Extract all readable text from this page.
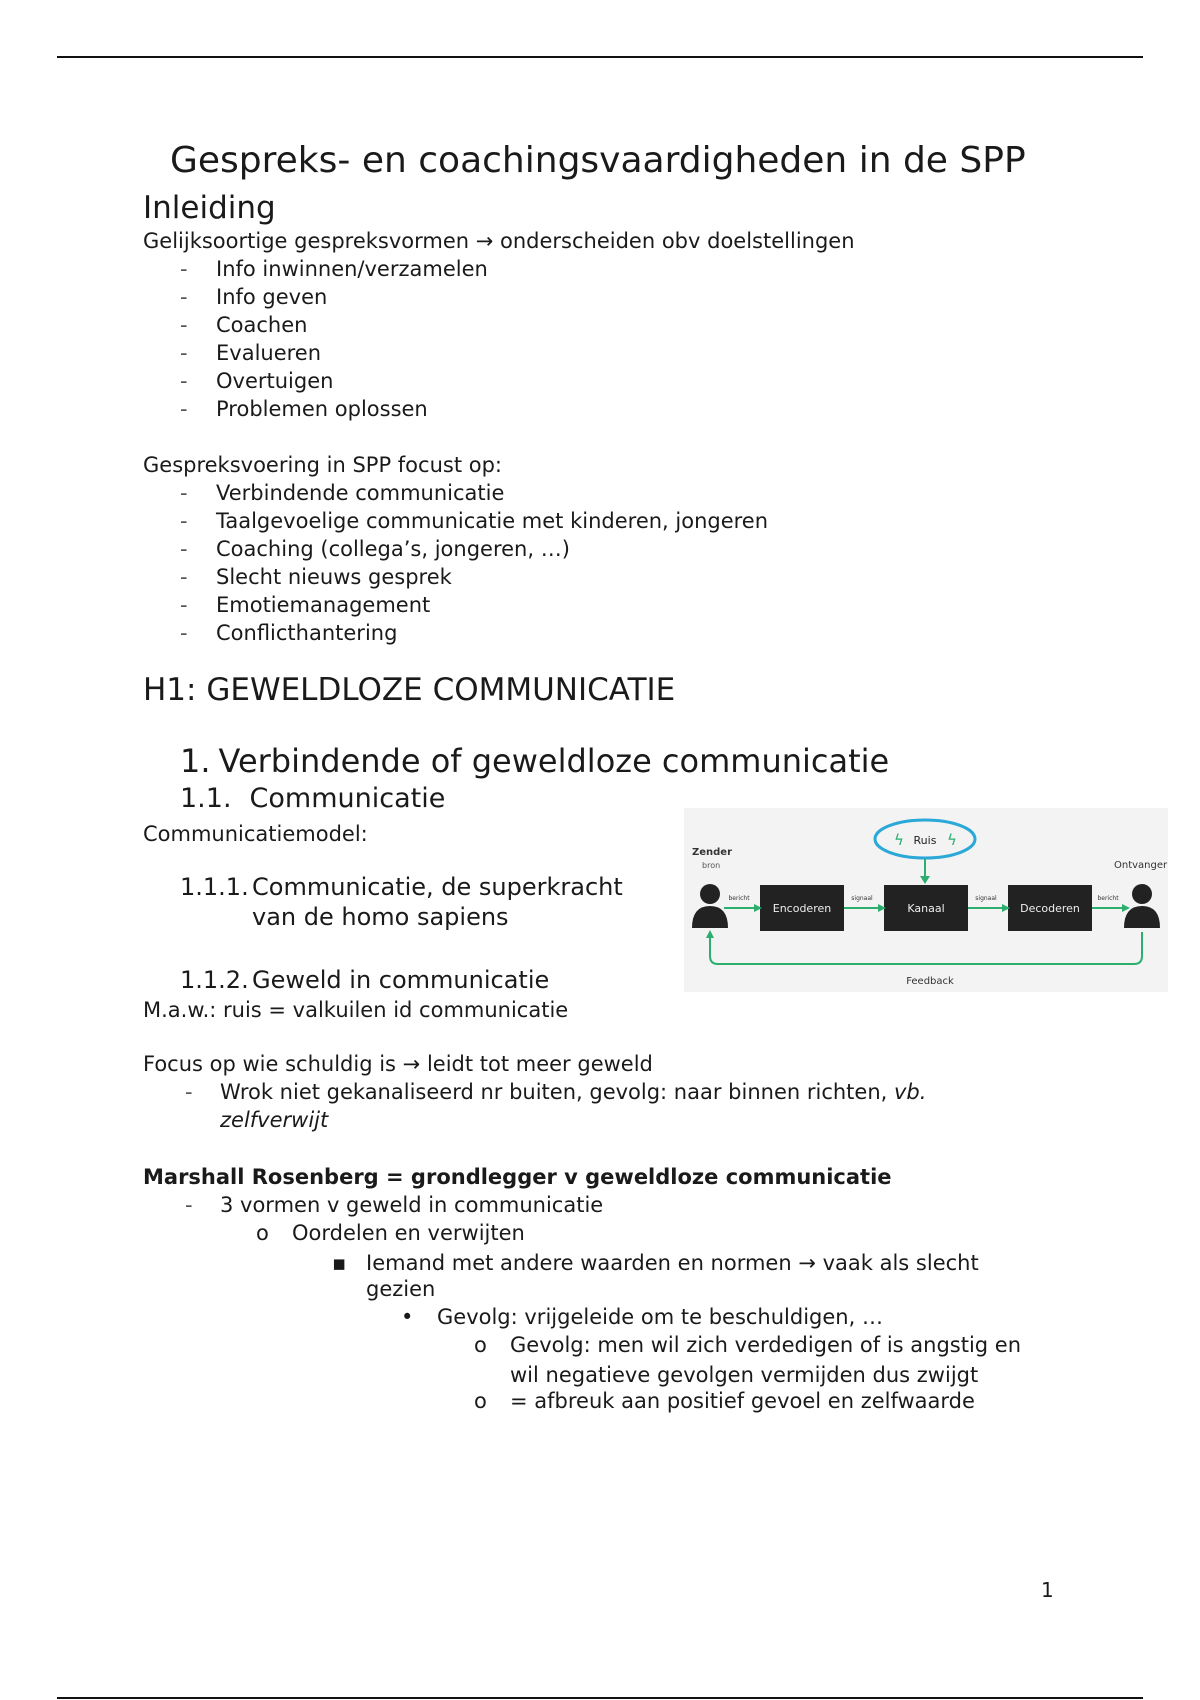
Gespreks- en coachingsvaardigheden in de SPP
Inleiding
Gelijksoortige gespreksvormen → onderscheiden obv doelstellingen
- Info inwinnen/verzamelen
- Info geven
- Coachen
- Evalueren
- Overtuigen
- Problemen oplossen
Gespreksvoering in SPP focust op:
- Verbindende communicatie
- Taalgevoelige communicatie met kinderen, jongeren
- Coaching (collega’s, jongeren, …)
- Slecht nieuws gesprek
- Emotiemanagement
- Conflicthantering
H1: GEWELDLOZE COMMUNICATIE
1. Verbindende of geweldloze communicatie
1.1. Communicatie
Communicatiemodel:
1.1.1. Communicatie, de superkracht
van de homo sapiens
1.1.2. Geweld in communicatie
Ruis
ϟ	ϟ
Zender
bron	Ontvanger
Encoderen	Kanaal	Decoderen
bericht	signaal	signaal	bericht
Feedback
M.a.w.: ruis = valkuilen id communicatie
Focus op wie schuldig is → leidt tot meer geweld
- Wrok niet gekanaliseerd nr buiten, gevolg: naar binnen richten, vb.
zelfverwijt
Marshall Rosenberg = grondlegger v geweldloze communicatie
- 3 vormen v geweld in communicatie
o Oordelen en verwijten
▪ Iemand met andere waarden en normen → vaak als slecht
gezien
• Gevolg: vrijgeleide om te beschuldigen, …
o Gevolg: men wil zich verdedigen of is angstig en
wil negatieve gevolgen vermijden dus zwijgt
o = afbreuk aan positief gevoel en zelfwaarde
1
